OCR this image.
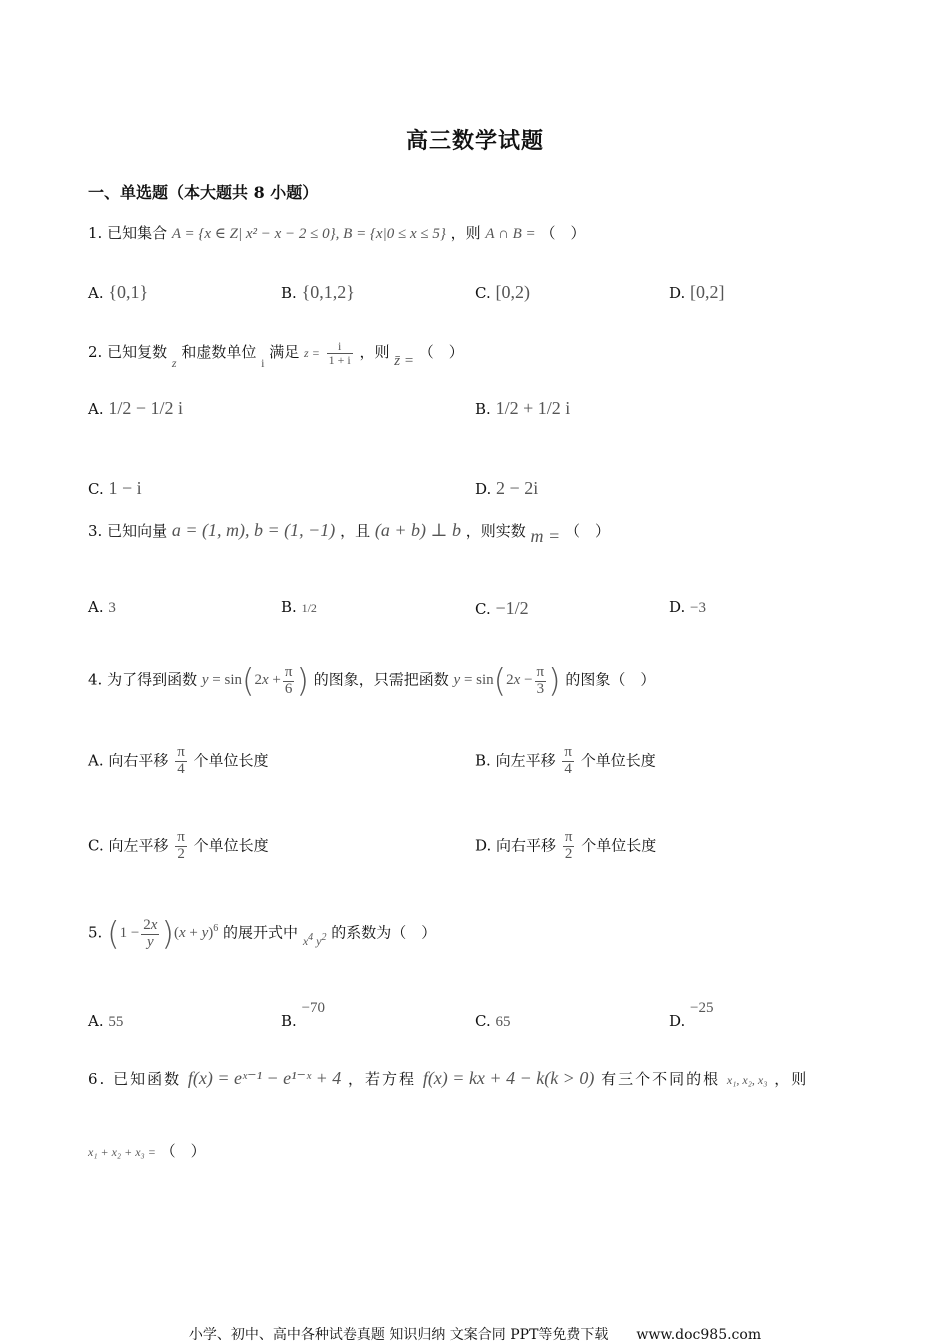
高三数学试题
一、单选题（本大题共 8 小题）
1. 已知集合 A = {x ∈ Z| x² − x − 2 ≤ 0}, B = {x|0 ≤ x ≤ 5} ，则 A ∩ B = （　）
A. {0,1}	B. {0,1,2}	C. [0,2)	D. [0,2]
2. 已知复数 $_z$ 和虚数单位 $_i$ 满足 $z = \frac{i}{1 + i}$ ，则 z̄ = （　）
A. 1/2 − 1/2 i	B. 1/2 + 1/2 i
C. 1 − i	D. 2 − 2i
3. 已知向量 a = (1, m), b = (1, −1) ，且 (a + b) ⊥ b ，则实数 m = （　）
A. 3	B. 1/2	C. −1/2	D. −3
4. 为了得到函数 $y = \sin(2x + \frac{\pi}{6}$ ) 的图象，只需把函数 $y = \sin(2x - \frac{\pi}{3}$ ) 的图象（　）
A. 向右平移 $\frac{\pi}{4}$ 个单位长度	B. 向左平移 $\frac{\pi}{4}$ 个单位长度
C. 向左平移 $\frac{\pi}{2}$ 个单位长度	D. 向右平移 $\frac{\pi}{2}$ 个单位长度
5. $(1 - \frac{2x}{y} )(x + y)^6$ 的展开式中 $_{x^4 y^2}$ 的系数为（　）
A. 55	B. −70
C. 65	D. −25
6. 已知函数 f(x) = eˣ⁻¹ − e¹⁻ˣ + 4 ，若方程 f(x) = kx + 4 − k(k > 0) 有三个不同的根 x₁, x₂, x₃ ，则
x₁ + x₂ + x₃ = （　）
小学、初中、高中各种试卷真题 知识归纳 文案合同 PPT等免费下载　　www.doc985.com
